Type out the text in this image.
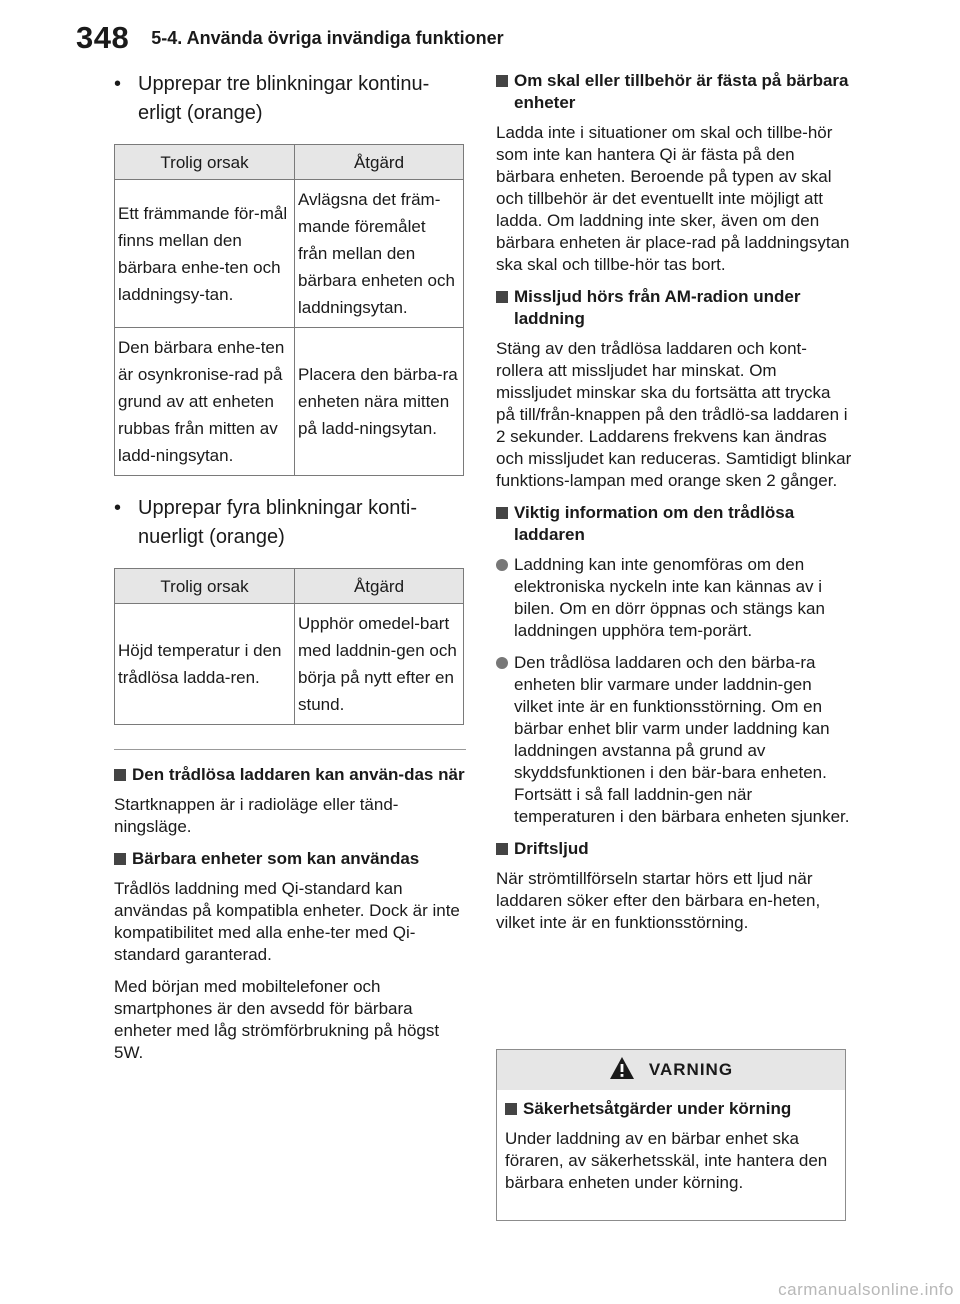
348 5-4. Använda övriga invändiga funktioner
• Upprepar tre blinkningar kontinu-erligt (orange)
Trolig orsak	Åtgärd
Ett främmande för-mål finns mellan den bärbara enhe-ten och laddningsy-tan.	Avlägsna det främ-mande föremålet från mellan den bärbara enheten och laddningsytan.
Den bärbara enhe-ten är osynkronise-rad på grund av att enheten rubbas från mitten av ladd-ningsytan.	Placera den bärba-ra enheten nära mitten på ladd-ningsytan.
• Upprepar fyra blinkningar konti-nuerligt (orange)
Trolig orsak	Åtgärd
Höjd temperatur i den trådlösa ladda-ren.	Upphör omedel-bart med laddnin-gen och börja på nytt efter en stund.
Den trådlösa laddaren kan använ-das när

Startknappen är i radioläge eller tänd-ningsläge.

Bärbara enheter som kan användas

Trådlös laddning med Qi-standard kan användas på kompatibla enheter. Dock är inte kompatibilitet med alla enhe-ter med Qi-standard garanterad.

Med början med mobiltelefoner och smartphones är den avsedd för bärbara enheter med låg strömförbrukning på högst 5W.

Om skal eller tillbehör är fästa på bärbara enheter

Ladda inte i situationer om skal och tillbe-hör som inte kan hantera Qi är fästa på den bärbara enheten. Beroende på typen av skal och tillbehör är det eventuellt inte möjligt att ladda. Om laddning inte sker, även om den bärbara enheten är place-rad på laddningsytan ska skal och tillbe-hör tas bort.

Missljud hörs från AM-radion under laddning

Stäng av den trådlösa laddaren och kont-rollera att missljudet har minskat. Om missljudet minskar ska du fortsätta att trycka på till/från-knappen på den trådlö-sa laddaren i 2 sekunder. Laddarens frekvens kan ändras och missljudet kan reduceras. Samtidigt blinkar funktions-lampan med orange sken 2 gånger.

Viktig information om den trådlösa laddaren
Laddning kan inte genomföras om den elektroniska nyckeln inte kan kännas av i bilen. Om en dörr öppnas och stängs kan laddningen upphöra tem-porärt.
Den trådlösa laddaren och den bärba-ra enheten blir varmare under laddnin-gen vilket inte är en funktionsstörning. Om en bärbar enhet blir varm under laddning kan laddningen avstanna på grund av skyddsfunktionen i den bär-bara enheten. Fortsätt i så fall laddnin-gen när temperaturen i den bärbara enheten sjunker.
Driftsljud

När strömtillförseln startar hörs ett ljud när laddaren söker efter den bärbara en-heten, vilket inte är en funktionsstörning.

VARNING
Säkerhetsåtgärder under körning

Under laddning av en bärbar enhet ska föraren, av säkerhetsskäl, inte hantera den bärbara enheten under körning.

carmanualsonline.info
